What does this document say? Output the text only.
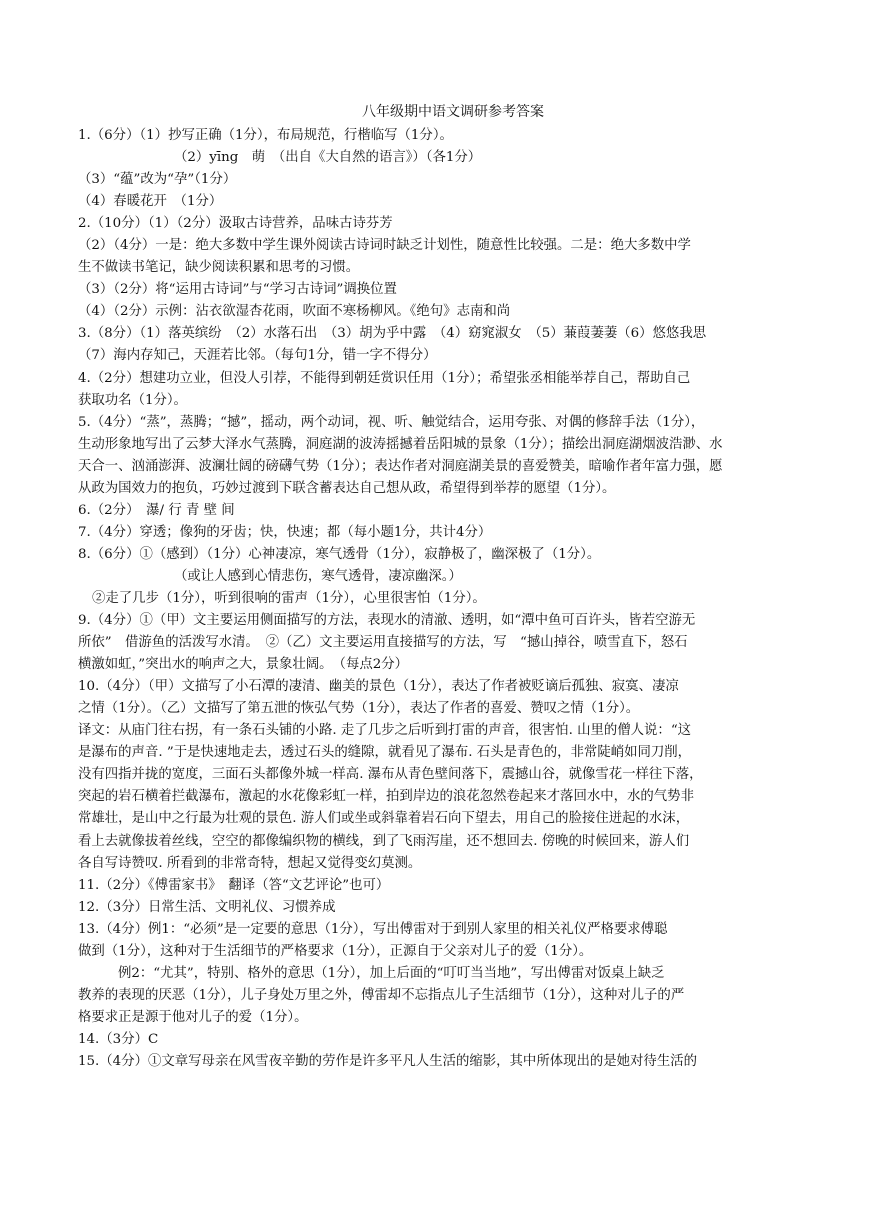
八年级期中语文调研参考答案
1.（6分）（1）抄写正确（1分），布局规范，行楷临写（1分）。
（2）yīng　萌　（出自《大自然的语言》）（各1分）
（3）“蕴”改为“孕”（1分）
（4）春暖花开　（1分）
2.（10分）（1）（2分）汲取古诗营养，品味古诗芬芳
（2）（4分）一是：绝大多数中学生课外阅读古诗词时缺乏计划性，随意性比较强。二是：绝大多数中学
生不做读书笔记，缺少阅读积累和思考的习惯。
（3）（2分）将“运用古诗词”与“学习古诗词”调换位置
（4）（2分）示例：沾衣欲湿杏花雨，吹面不寒杨柳风。《绝句》志南和尚
3.（8分）（1）落英缤纷　（2）水落石出　（3）胡为乎中露　（4）窈窕淑女　（5）蒹葭萋萋（6）悠悠我思
（7）海内存知己，天涯若比邻。（每句1分，错一字不得分）
4.（2分）想建功立业，但没人引荐，不能得到朝廷赏识任用（1分）；希望张丞相能举荐自己，帮助自己
获取功名（1分）。
5.（4分）“蒸”，蒸腾；“撼”，摇动，两个动词，视、听、触觉结合，运用夸张、对偶的修辞手法（1分），
生动形象地写出了云梦大泽水气蒸腾，洞庭湖的波涛摇撼着岳阳城的景象（1分）；描绘出洞庭湖烟波浩渺、水
天合一、汹涌澎湃、波澜壮阔的磅礴气势（1分）；表达作者对洞庭湖美景的喜爱赞美，暗喻作者年富力强，愿
从政为国效力的抱负，巧妙过渡到下联含蓄表达自己想从政，希望得到举荐的愿望（1分）。
6.（2分）　瀑/ 行 青 壁 间
7.（4分）穿透；像狗的牙齿；快，快速；都（每小题1分，共计4分）
8.（6分）①（感到）（1分）心神凄凉，寒气透骨（1分），寂静极了，幽深极了（1分）。
（或让人感到心情悲伤，寒气透骨，凄凉幽深。）
②走了几步（1分），听到很响的雷声（1分），心里很害怕（1分）。
9.（4分）①（甲）文主要运用侧面描写的方法，表现水的清澈、透明，如“潭中鱼可百许头，皆若空游无
所依”　借游鱼的活泼写水清。　②（乙）文主要运用直接描写的方法，写　“撼山掉谷，喷雪直下，怒石
横激如虹，”突出水的响声之大，景象壮阔。　（每点2分）
10.（4分）（甲）文描写了小石潭的凄清、幽美的景色（1分），表达了作者被贬谪后孤独、寂寞、凄凉
之情（1分）。（乙）文描写了第五泄的恢弘气势（1分），表达了作者的喜爱、赞叹之情（1分）。
译文：从庙门往右拐，有一条石头铺的小路. 走了几步之后听到打雷的声音，很害怕. 山里的僧人说：“这
是瀑布的声音. ”于是快速地走去，透过石头的缝隙，就看见了瀑布. 石头是青色的，非常陡峭如同刀削，
没有四指并拢的宽度，三面石头都像外城一样高. 瀑布从青色壁间落下，震撼山谷，就像雪花一样往下落，
突起的岩石横着拦截瀑布，激起的水花像彩虹一样，拍到岸边的浪花忽然卷起来才落回水中，水的气势非
常雄壮，是山中之行最为壮观的景色. 游人们或坐或斜靠着岩石向下望去，用自己的脸接住迸起的水沫，
看上去就像拔着丝线，空空的都像编织物的横线，到了飞雨泻崖，还不想回去. 傍晚的时候回来，游人们
各自写诗赞叹. 所看到的非常奇特，想起又觉得变幻莫测。
11.（2分）《傅雷家书》　翻译（答“文艺评论”也可）
12.（3分）日常生活、文明礼仪、习惯养成
13.（4分）例1：“必须”是一定要的意思（1分），写出傅雷对于到别人家里的相关礼仪严格要求傅聪
做到（1分），这种对于生活细节的严格要求（1分），正源自于父亲对儿子的爱（1分）。
例2：“尤其”，特别、格外的意思（1分），加上后面的“叮叮当当地”，写出傅雷对饭桌上缺乏
教养的表现的厌恶（1分），儿子身处万里之外，傅雷却不忘指点儿子生活细节（1分），这种对儿子的严
格要求正是源于他对儿子的爱（1分）。
14.（3分）C
15.（4分）①文章写母亲在风雪夜辛勤的劳作是许多平凡人生活的缩影，其中所体现出的是她对待生活的
